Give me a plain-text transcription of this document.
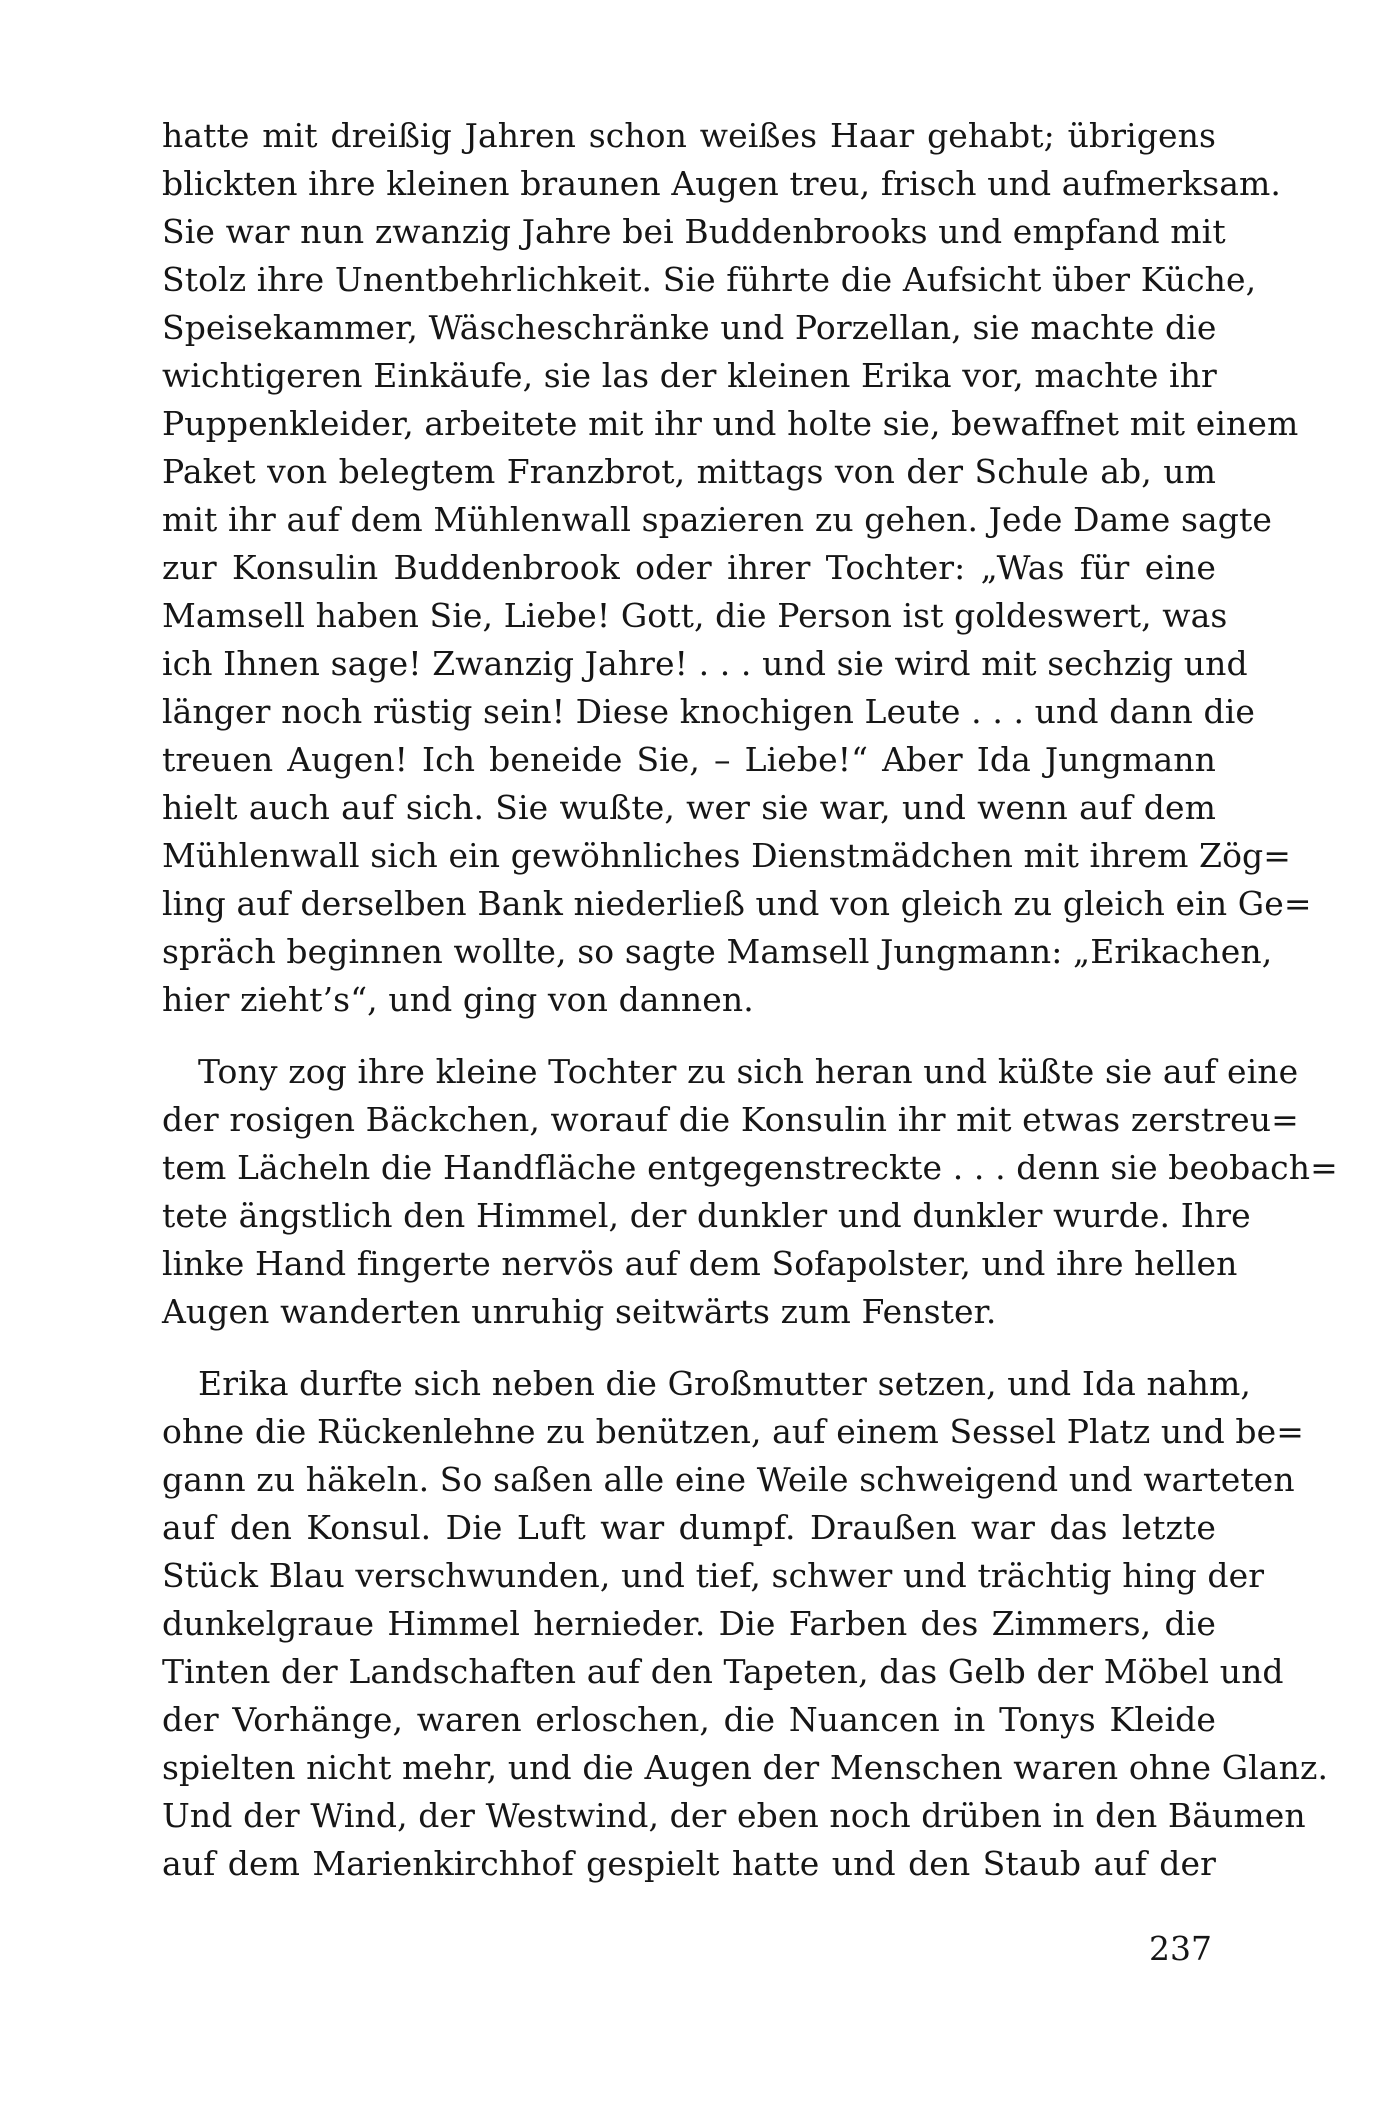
hatte mit dreißig Jahren schon weißes Haar gehabt; übrigens
blickten ihre kleinen braunen Augen treu, frisch und aufmerksam.
Sie war nun zwanzig Jahre bei Buddenbrooks und empfand mit
Stolz ihre Unentbehrlichkeit. Sie führte die Aufsicht über Küche,
Speisekammer, Wäscheschränke und Porzellan, sie machte die
wichtigeren Einkäufe, sie las der kleinen Erika vor, machte ihr
Puppenkleider, arbeitete mit ihr und holte sie, bewaffnet mit einem
Paket von belegtem Franzbrot, mittags von der Schule ab, um
mit ihr auf dem Mühlenwall spazieren zu gehen. Jede Dame sagte
zur Konsulin Buddenbrook oder ihrer Tochter: „Was für eine
Mamsell haben Sie, Liebe! Gott, die Person ist goldeswert, was
ich Ihnen sage! Zwanzig Jahre! . . . und sie wird mit sechzig und
länger noch rüstig sein! Diese knochigen Leute . . . und dann die
treuen Augen! Ich beneide Sie, – Liebe!“ Aber Ida Jungmann
hielt auch auf sich. Sie wußte, wer sie war, und wenn auf dem
Mühlenwall sich ein gewöhnliches Dienstmädchen mit ihrem Zög=
ling auf derselben Bank niederließ und von gleich zu gleich ein Ge=
spräch beginnen wollte, so sagte Mamsell Jungmann: „Erikachen,
hier zieht’s“, und ging von dannen.
Tony zog ihre kleine Tochter zu sich heran und küßte sie auf eine
der rosigen Bäckchen, worauf die Konsulin ihr mit etwas zerstreu=
tem Lächeln die Handfläche entgegenstreckte . . . denn sie beobach=
tete ängstlich den Himmel, der dunkler und dunkler wurde. Ihre
linke Hand fingerte nervös auf dem Sofapolster, und ihre hellen
Augen wanderten unruhig seitwärts zum Fenster.
Erika durfte sich neben die Großmutter setzen, und Ida nahm,
ohne die Rückenlehne zu benützen, auf einem Sessel Platz und be=
gann zu häkeln. So saßen alle eine Weile schweigend und warteten
auf den Konsul. Die Luft war dumpf. Draußen war das letzte
Stück Blau verschwunden, und tief, schwer und trächtig hing der
dunkelgraue Himmel hernieder. Die Farben des Zimmers, die
Tinten der Landschaften auf den Tapeten, das Gelb der Möbel und
der Vorhänge, waren erloschen, die Nuancen in Tonys Kleide
spielten nicht mehr, und die Augen der Menschen waren ohne Glanz.
Und der Wind, der Westwind, der eben noch drüben in den Bäumen
auf dem Marienkirchhof gespielt hatte und den Staub auf der
237
